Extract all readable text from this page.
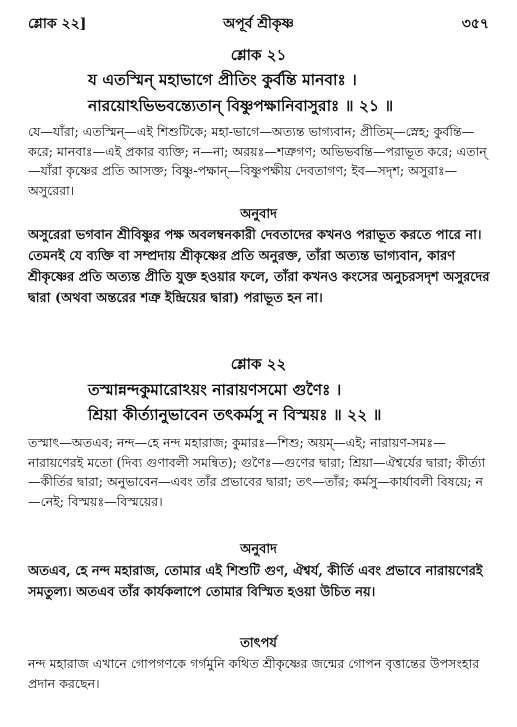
শ্লোক ২২]	অপূর্ব শ্রীকৃষ্ণ	৩৫৭
শ্লোক ২১
য এতস্মিন্ মহাভাগে প্রীতিং কুর্বন্তি মানবাঃ ।
নারয়োঽভিভবন্ত্যেতান্ বিষ্ণুপক্ষানিবাসুরাঃ ॥ ২১ ॥
যে—যাঁরা; এতস্মিন্—এই শিশুটিকে; মহা-ভাগে—অত্যন্ত ভাগ্যবান; প্রীতিম্—স্নেহ; কুর্বন্তি—করে; মানবাঃ—এই প্রকার ব্যক্তি; ন—না; অরয়ঃ—শত্রুগণ; অভিভবন্তি—পরাভূত করে; এতান্—যাঁরা কৃষ্ণের প্রতি আসক্ত; বিষ্ণু-পক্ষান্—বিষ্ণুপক্ষীয় দেবতাগণ; ইব—সদৃশ; অসুরাঃ—অসুরেরা।
অনুবাদ
অসুরেরা ভগবান শ্রীবিষ্ণুর পক্ষ অবলম্বনকারী দেবতাদের কখনও পরাভূত করতে পারে না। তেমনই যে ব্যক্তি বা সম্প্রদায় শ্রীকৃষ্ণের প্রতি অনুরক্ত, তাঁরা অত্যন্ত ভাগ্যবান, কারণ শ্রীকৃষ্ণের প্রতি অত্যন্ত প্রীতি যুক্ত হওয়ার ফলে, তাঁরা কখনও কংসের অনুচরসদৃশ অসুরদের দ্বারা (অথবা অন্তরের শত্রু ইন্দ্রিয়ের দ্বারা) পরাভূত হন না।
শ্লোক ২২
তস্মান্নন্দকুমারোঽয়ং নারায়ণসমো গুণৈঃ ।
শ্রিয়া কীর্ত্যানুভাবেন তৎকর্মসু ন বিস্ময়ঃ ॥ ২২ ॥
তস্মাৎ—অতএব; নন্দ—হে নন্দ মহারাজ; কুমারঃ—শিশু; অয়ম্—এই; নারায়ণ-সমঃ—নারায়ণেরই মতো (দিব্য গুণাবলী সমন্বিত); গুণৈঃ—গুণের দ্বারা; শ্রিয়া—ঐশ্বর্যের দ্বারা; কীর্ত্যা—কীর্তির দ্বারা; অনুভাবেন—এবং তাঁর প্রভাবের দ্বারা; তৎ—তাঁর; কর্মসু—কার্যাবলী বিষয়ে; ন—নেই; বিস্ময়ঃ—বিস্ময়ের।
অনুবাদ
অতএব, হে নন্দ মহারাজ, তোমার এই শিশুটি গুণ, ঐশ্বর্য, কীর্তি এবং প্রভাবে নারায়ণেরই সমতুল্য। অতএব তাঁর কার্যকলাপে তোমার বিস্মিত হওয়া উচিত নয়।
তাৎপর্য
নন্দ মহারাজ এখানে গোপগণকে গর্গমুনি কথিত শ্রীকৃষ্ণের জন্মের গোপন বৃত্তান্তের উপসংহার প্রদান করছেন।
